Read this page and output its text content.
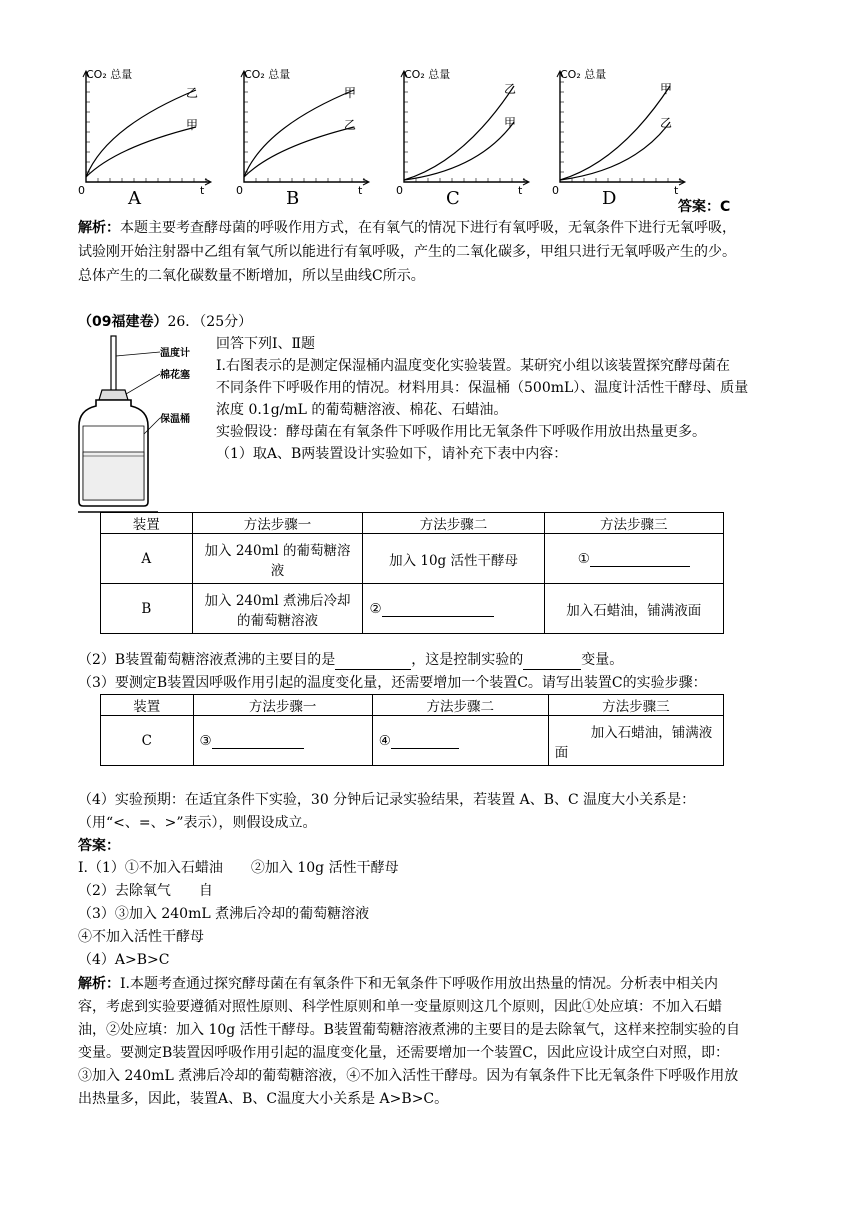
CO₂ 总量
0	t
A
乙
甲
CO₂ 总量
0	t
B
甲
乙
CO₂ 总量
0	t
C
乙
甲
CO₂ 总量
0	t
D
甲
乙
答案：C
解析：本题主要考查酵母菌的呼吸作用方式，在有氧气的情况下进行有氧呼吸，无氧条件下进行无氧呼吸，
试验刚开始注射器中乙组有氧气所以能进行有氧呼吸，产生的二氧化碳多，甲组只进行无氧呼吸产生的少。
总体产生的二氧化碳数量不断增加，所以呈曲线C所示。
（09福建卷）26．（25分）
温度计
棉花塞
保温桶
回答下列Ⅰ、Ⅱ题
Ⅰ.右图表示的是测定保湿桶内温度变化实验装置。某研究小组以该装置探究酵母菌在
不同条件下呼吸作用的情况。材料用具：保温桶（500mL）、温度计活性干酵母、质量
浓度 0.1g/mL 的葡萄糖溶液、棉花、石蜡油。
实验假设：酵母菌在有氧条件下呼吸作用比无氧条件下呼吸作用放出热量更多。
（1）取A、B两装置设计实验如下，请补充下表中内容：
装置	方法步骤一	方法步骤二	方法步骤三
A	加入 240ml 的葡萄糖溶
液	加入 10g 活性干酵母	①
B	加入 240ml 煮沸后冷却
的葡萄糖溶液	②	加入石蜡油，铺满液面
（2）B装置葡萄糖溶液煮沸的主要目的是	，这是控制实验的	变量。
（3）要测定B装置因呼吸作用引起的温度变化量，还需要增加一个装置C。请写出装置C的实验步骤：
装置	方法步骤一	方法步骤二	方法步骤三
C	③	④	加入石蜡油，铺满液
面
（4）实验预期：在适宜条件下实验，30 分钟后记录实验结果，若装置 A、B、C 温度大小关系是：
（用“<、=、>”表示），则假设成立。
答案：
Ⅰ.（1）①不加入石蜡油　　②加入 10g 活性干酵母
（2）去除氧气　　自
（3）③加入 240mL 煮沸后冷却的葡萄糖溶液
④不加入活性干酵母
（4）A>B>C
解析：Ⅰ.本题考查通过探究酵母菌在有氧条件下和无氧条件下呼吸作用放出热量的情况。分析表中相关内
容，考虑到实验要遵循对照性原则、科学性原则和单一变量原则这几个原则，因此①处应填：不加入石蜡
油，②处应填：加入 10g 活性干酵母。B装置葡萄糖溶液煮沸的主要目的是去除氧气，这样来控制实验的自
变量。要测定B装置因呼吸作用引起的温度变化量，还需要增加一个装置C，因此应设计成空白对照，即：
③加入 240mL 煮沸后冷却的葡萄糖溶液，④不加入活性干酵母。因为有氧条件下比无氧条件下呼吸作用放
出热量多，因此，装置A、B、C温度大小关系是 A>B>C。
